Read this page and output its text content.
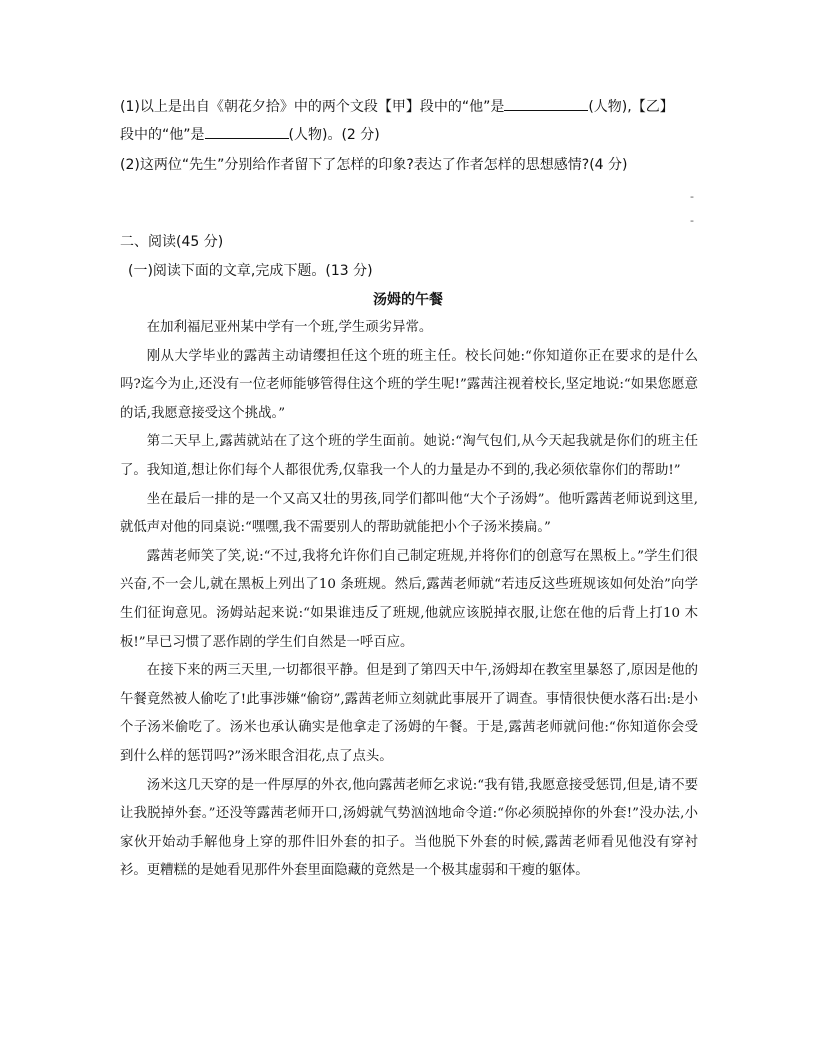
(1)以上是出自《朝花夕拾》中的两个文段【甲】段中的“他”是	(人物),【乙】
段中的“他”是	(人物)。(2 分)
(2)这两位“先生”分别给作者留下了怎样的印象?表达了作者怎样的思想感情?(4 分)
-
-
二、阅读(45 分)
(一)阅读下面的文章,完成下题。(13 分)
汤姆的午餐

在加利福尼亚州某中学有一个班,学生顽劣异常。

刚从大学毕业的露茜主动请缨担任这个班的班主任。校长问她:“你知道你正在要求的是什么吗?迄今为止,还没有一位老师能够管得住这个班的学生呢!”露茜注视着校长,坚定地说:“如果您愿意的话,我愿意接受这个挑战。”

第二天早上,露茜就站在了这个班的学生面前。她说:“淘气包们,从今天起我就是你们的班主任了。我知道,想让你们每个人都很优秀,仅靠我一个人的力量是办不到的,我必须依靠你们的帮助!”

坐在最后一排的是一个又高又壮的男孩,同学们都叫他“大个子汤姆”。他听露茜老师说到这里,就低声对他的同桌说:“嘿嘿,我不需要别人的帮助就能把小个子汤米揍扁。”

露茜老师笑了笑,说:“不过,我将允许你们自己制定班规,并将你们的创意写在黑板上。”学生们很兴奋,不一会儿,就在黑板上列出了10 条班规。然后,露茜老师就“若违反这些班规该如何处治”向学生们征询意见。汤姆站起来说:“如果谁违反了班规,他就应该脱掉衣服,让您在他的后背上打10 木板!”早已习惯了恶作剧的学生们自然是一呼百应。

在接下来的两三天里,一切都很平静。但是到了第四天中午,汤姆却在教室里暴怒了,原因是他的午餐竟然被人偷吃了!此事涉嫌“偷窃”,露茜老师立刻就此事展开了调查。事情很快便水落石出:是小个子汤米偷吃了。汤米也承认确实是他拿走了汤姆的午餐。于是,露茜老师就问他:“你知道你会受到什么样的惩罚吗?”汤米眼含泪花,点了点头。

汤米这几天穿的是一件厚厚的外衣,他向露茜老师乞求说:“我有错,我愿意接受惩罚,但是,请不要让我脱掉外套。”还没等露茜老师开口,汤姆就气势汹汹地命令道:“你必须脱掉你的外套!”没办法,小家伙开始动手解他身上穿的那件旧外套的扣子。当他脱下外套的时候,露茜老师看见他没有穿衬衫。更糟糕的是她看见那件外套里面隐藏的竟然是一个极其虚弱和干瘦的躯体。
